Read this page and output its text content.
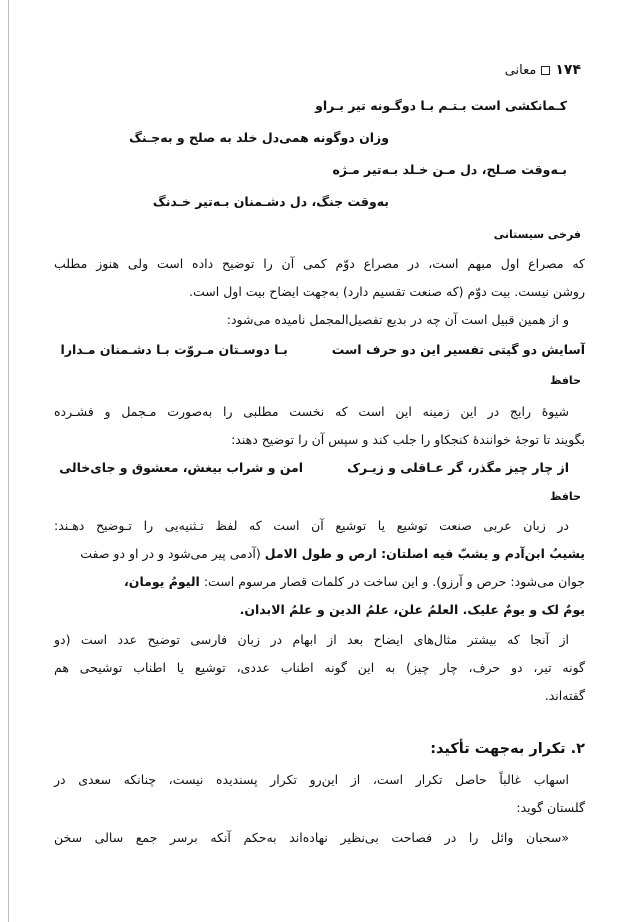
۱۷۴معانی
کـمانکشی است بـتـم بـا دوگـونه تیر بـراو
وزان دوگونه همی‌دل خلد به صلح و به‌جـنگ
بـه‌وقت صـلح، دل مـن خـلد بـه‌تیر مـژه
به‌وقت جنگ، دل دشـمنان بـه‌تیر خـدنگ
فرخی سیستانی
که مصراع اول مبهم است، در مصراع دوّم کمی آن را توضیح داده است ولی هنوز مطلب
روشن نیست. بیت دوّم (که صنعت تقسیم دارد) به‌جهت ایضاح بیت اول است.
و از همین قبیل است آن چه در بدیع تفصیل‌المجمل نامیده می‌شود:
آسایش دو گیتی تفسیر این دو حرف استبـا دوسـتان مـروّت بـا دشـمنان مـدارا
حافظ
شیوهٔ رایج در این زمینه این است که نخست مطلبی را به‌صورت مـجمل و فشـرده
بگویند تا توجهٔ خوانندهٔ کنجکاو را جلب کند و سپس آن را توضیح دهند:
از چار چیز مگذر، گر عـاقلی و زیـرکامن و شراب بیغش، معشوق و جای‌خالی
حافظ
در زبان عربی صنعت توشیع یا توشیع آن است که لفظ تـثنیه‌یی را تـوضیح دهـند:
یشیبُ ابن‌آدم و یشبّ فیه اصلتان: ارص و طول الامل (آدمی پیر می‌شود و در او دو صفت
جوان می‌شود: حرص و آرزو). و این ساخت در کلمات قصار مرسوم است: الیومُ یومان،
یومٌ لک و یومٌ علیک. العلمُ علن، علمُ الدین و علمُ الابدان.
از آنجا که بیشتر مثال‌های ایضاح بعد از ابهام در زبان فارسی توضیح عدد است (دو
گونه تیر، دو حرف، چار چیز) به این گونه اطناب عددی، توشیع یا اطناب توشیحی هم
گفته‌اند.
۲. تکرار به‌جهت تأکید:
اسهاب غالباً حاصل تکرار است، از این‌رو تکرار پسندیده نیست، چنانکه سعدی در
گلستان گوید:
«سحبان وائل را در فصاحت بی‌نظیر نهاده‌اند به‌حکم آنکه برسر جمع سالی سخن
